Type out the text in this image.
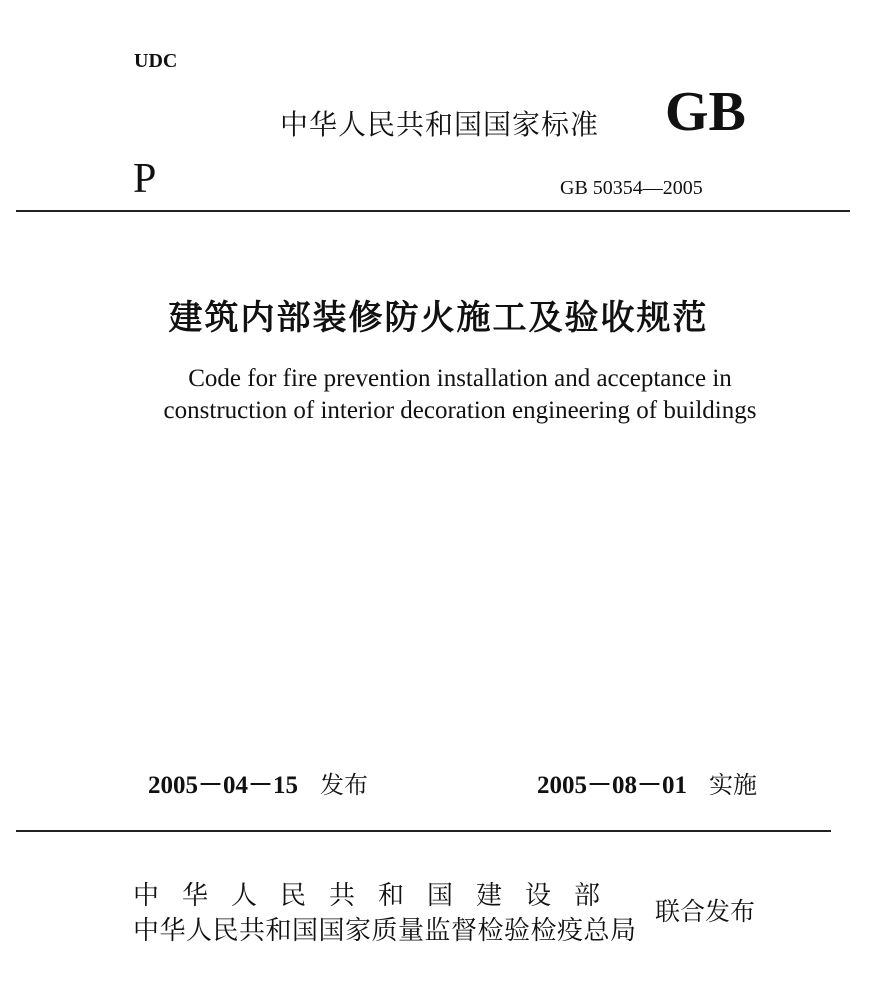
UDC
中华人民共和国国家标准 GB
P	GB 50354—2005
建筑内部装修防火施工及验收规范
Code for fire prevention installation and acceptance in
construction of interior decoration engineering of buildings
2005－04－15 发布	2005－08－01 实施
中华人民共和国建设部
中华人民共和国国家质量监督检验检疫总局
联合发布
